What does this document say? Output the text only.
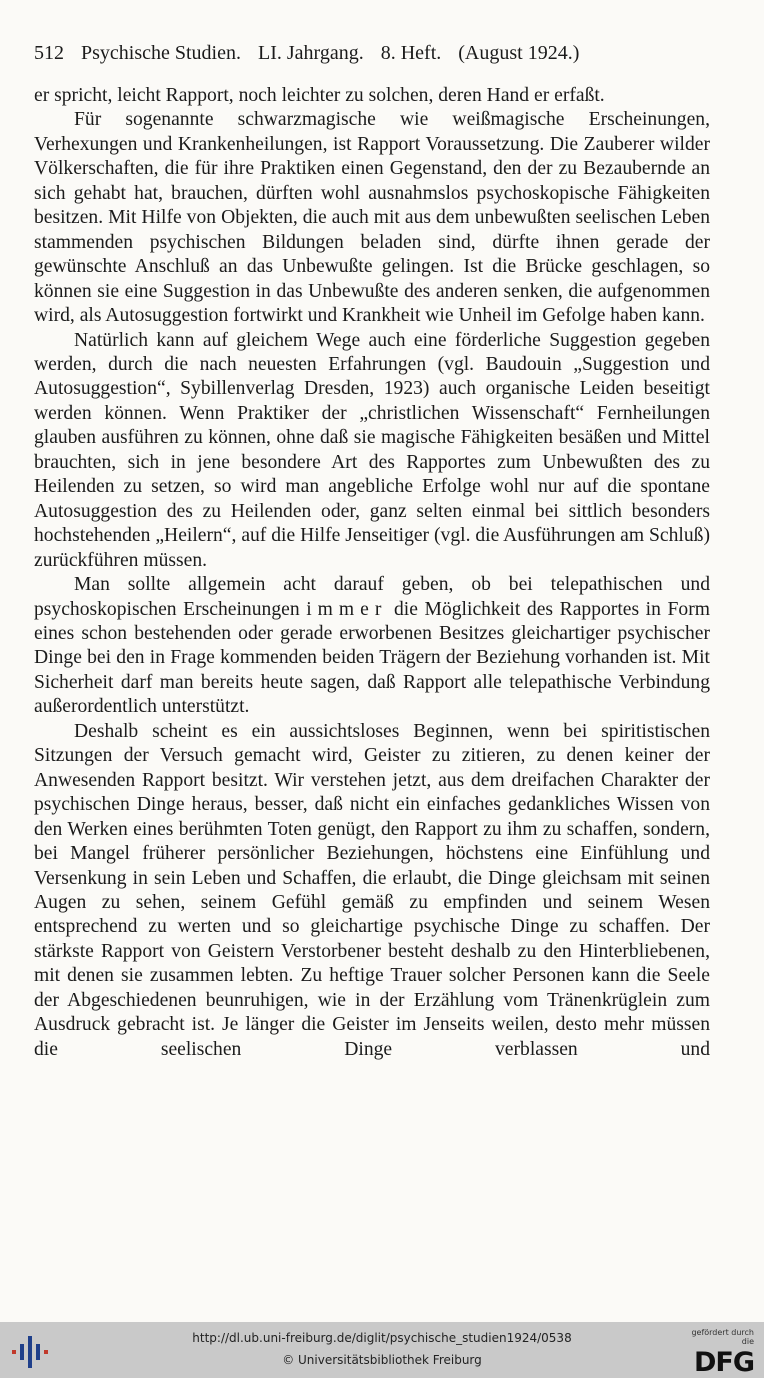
512 Psychische Studien. LI. Jahrgang. 8. Heft. (August 1924.)

er spricht, leicht Rapport, noch leichter zu solchen, deren Hand er erfaßt.

Für sogenannte schwarzmagische wie weißmagische Erscheinungen, Verhexungen und Krankenheilungen, ist Rapport Voraussetzung. Die Zauberer wilder Völkerschaften, die für ihre Praktiken einen Gegenstand, den der zu Bezaubernde an sich gehabt hat, brauchen, dürften wohl ausnahmslos psychoskopische Fähigkeiten besitzen. Mit Hilfe von Objekten, die auch mit aus dem unbewußten seelischen Leben stammenden psychischen Bildungen beladen sind, dürfte ihnen gerade der gewünschte Anschluß an das Unbewußte gelingen. Ist die Brücke geschlagen, so können sie eine Suggestion in das Unbewußte des anderen senken, die aufgenommen wird, als Autosuggestion fortwirkt und Krankheit wie Unheil im Gefolge haben kann.

Natürlich kann auf gleichem Wege auch eine förderliche Suggestion gegeben werden, durch die nach neuesten Erfahrungen (vgl. Baudouin „Suggestion und Autosuggestion“, Sybillenverlag Dresden, 1923) auch organische Leiden beseitigt werden können. Wenn Praktiker der „christlichen Wissenschaft“ Fernheilungen glauben ausführen zu können, ohne daß sie magische Fähigkeiten besäßen und Mittel brauchten, sich in jene besondere Art des Rapportes zum Unbewußten des zu Heilenden zu setzen, so wird man angebliche Erfolge wohl nur auf die spontane Autosuggestion des zu Heilenden oder, ganz selten einmal bei sittlich besonders hochstehenden „Heilern“, auf die Hilfe Jenseitiger (vgl. die Ausführungen am Schluß) zurückführen müssen.

Man sollte allgemein acht darauf geben, ob bei telepathischen und psychoskopischen Erscheinungen immer die Möglichkeit des Rapportes in Form eines schon bestehenden oder gerade erworbenen Besitzes gleichartiger psychischer Dinge bei den in Frage kommenden beiden Trägern der Beziehung vorhanden ist. Mit Sicherheit darf man bereits heute sagen, daß Rapport alle telepathische Verbindung außerordentlich unterstützt.

Deshalb scheint es ein aussichtsloses Beginnen, wenn bei spiritistischen Sitzungen der Versuch gemacht wird, Geister zu zitieren, zu denen keiner der Anwesenden Rapport besitzt. Wir verstehen jetzt, aus dem dreifachen Charakter der psychischen Dinge heraus, besser, daß nicht ein einfaches gedankliches Wissen von den Werken eines berühmten Toten genügt, den Rapport zu ihm zu schaffen, sondern, bei Mangel früherer persönlicher Beziehungen, höchstens eine Einfühlung und Versenkung in sein Leben und Schaffen, die erlaubt, die Dinge gleichsam mit seinen Augen zu sehen, seinem Gefühl gemäß zu empfinden und seinem Wesen entsprechend zu werten und so gleichartige psychische Dinge zu schaffen. Der stärkste Rapport von Geistern Verstorbener besteht deshalb zu den Hinterbliebenen, mit denen sie zusammen lebten. Zu heftige Trauer solcher Personen kann die Seele der Abgeschiedenen beunruhigen, wie in der Erzählung vom Tränenkrüglein zum Ausdruck gebracht ist. Je länger die Geister im Jenseits weilen, desto mehr müssen die seelischen Dinge verblassen und

http://dl.ub.uni-freiburg.de/diglit/psychische_studien1924/0538
© Universitätsbibliothek Freiburg
gefördert durch die
DFG
